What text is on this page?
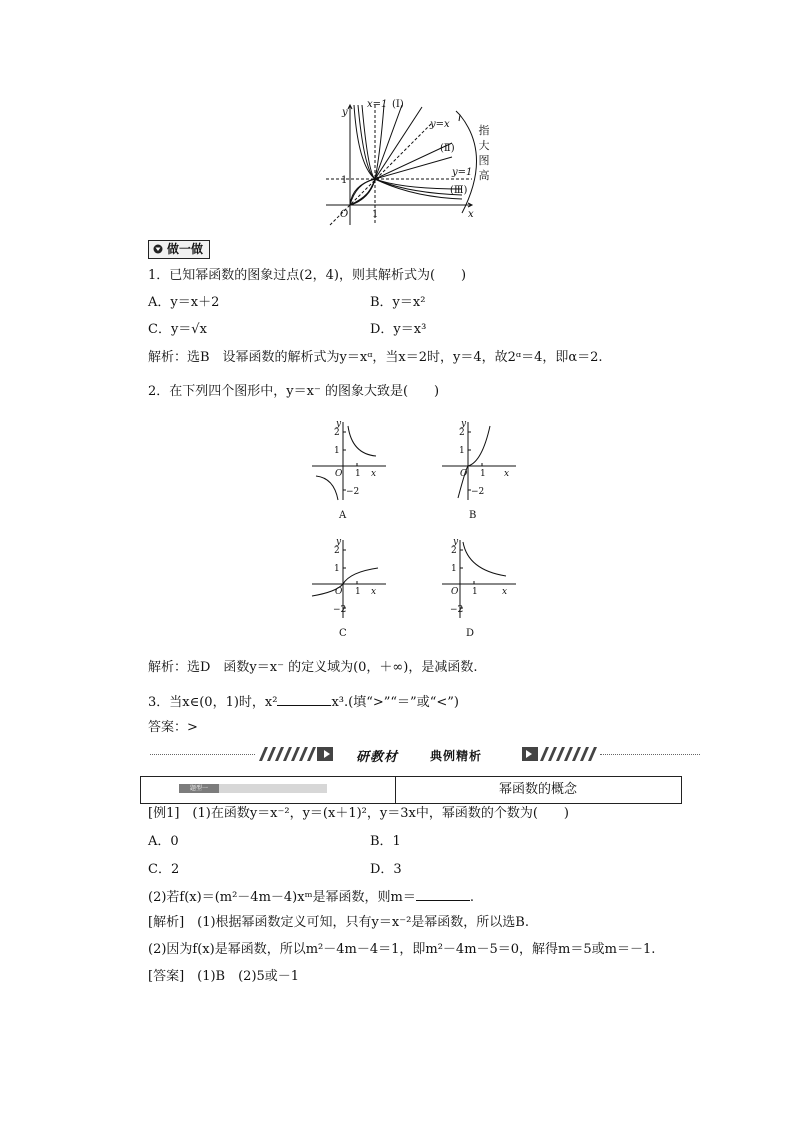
x=1 (Ⅰ)
y=x
(Ⅱ)
y=1
(Ⅲ)
1
O 1	x
y
指
大
图
高
做一做
1．已知幂函数的图象过点(2，4)，则其解析式为(　　)
A．y＝x＋2	B．y＝x²
C．y＝√x	D．y＝x³
解析：选B　设幂函数的解析式为y＝xᵅ，当x＝2时，y＝4，故2ᵅ＝4，即α＝2.
2．在下列四个图形中，y＝x⁻ 的图象大致是(　　)
2
1
O 1
−2
x
y
A
2
1
O 1
−2
x
y
B
2
1
O 1
−2
x
y
C
2
1
O 1
−2
x
y
D
解析：选D　函数y＝x⁻ 的定义域为(0，＋∞)，是减函数.
3．当x∈(0，1)时，x²	x³.(填“>”“＝”或“<”)
答案：>
研教材	典例精析
题型一	幂函数的概念
[例1]　(1)在函数y＝x⁻²，y＝(x＋1)²，y＝3x中，幂函数的个数为(　　)
A．0	B．1
C．2	D．3
(2)若f(x)＝(m²－4m－4)xᵐ是幂函数，则m＝	.
[解析]　(1)根据幂函数定义可知，只有y＝x⁻²是幂函数，所以选B.
(2)因为f(x)是幂函数，所以m²－4m－4＝1，即m²－4m－5＝0，解得m＝5或m＝－1.
[答案]　(1)B　(2)5或－1
